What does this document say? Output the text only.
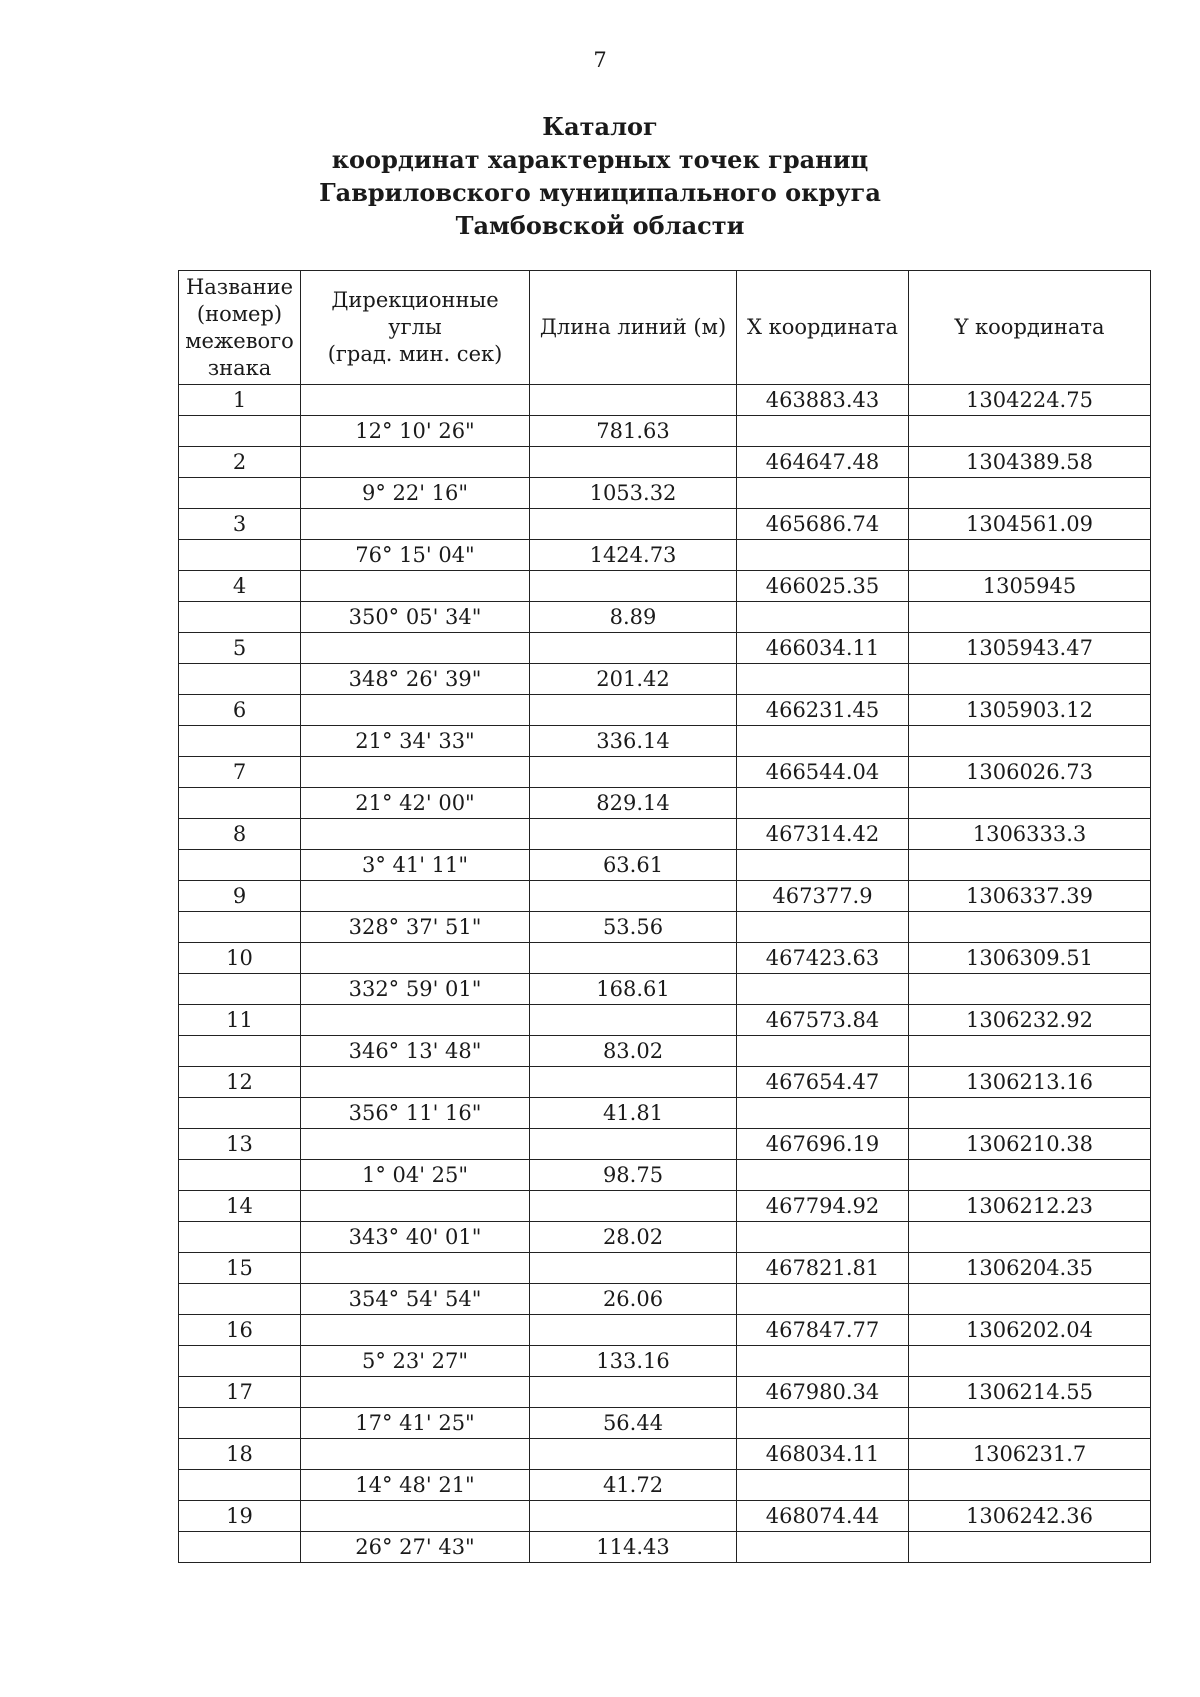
7
Каталог
координат характерных точек границ
Гавриловского муниципального округа
Тамбовской области
Название
(номер)
межевого
знака	Дирекционные
углы
(град. мин. сек)	Длина линий (м)	X координата	Y координата
1			463883.43	1304224.75
	12° 10' 26"	781.63		
2			464647.48	1304389.58
	9° 22' 16"	1053.32		
3			465686.74	1304561.09
	76° 15' 04"	1424.73		
4			466025.35	1305945
	350° 05' 34"	8.89		
5			466034.11	1305943.47
	348° 26' 39"	201.42		
6			466231.45	1305903.12
	21° 34' 33"	336.14		
7			466544.04	1306026.73
	21° 42' 00"	829.14		
8			467314.42	1306333.3
	3° 41' 11"	63.61		
9			467377.9	1306337.39
	328° 37' 51"	53.56		
10			467423.63	1306309.51
	332° 59' 01"	168.61		
11			467573.84	1306232.92
	346° 13' 48"	83.02		
12			467654.47	1306213.16
	356° 11' 16"	41.81		
13			467696.19	1306210.38
	1° 04' 25"	98.75		
14			467794.92	1306212.23
	343° 40' 01"	28.02		
15			467821.81	1306204.35
	354° 54' 54"	26.06		
16			467847.77	1306202.04
	5° 23' 27"	133.16		
17			467980.34	1306214.55
	17° 41' 25"	56.44		
18			468034.11	1306231.7
	14° 48' 21"	41.72		
19			468074.44	1306242.36
	26° 27' 43"	114.43		
